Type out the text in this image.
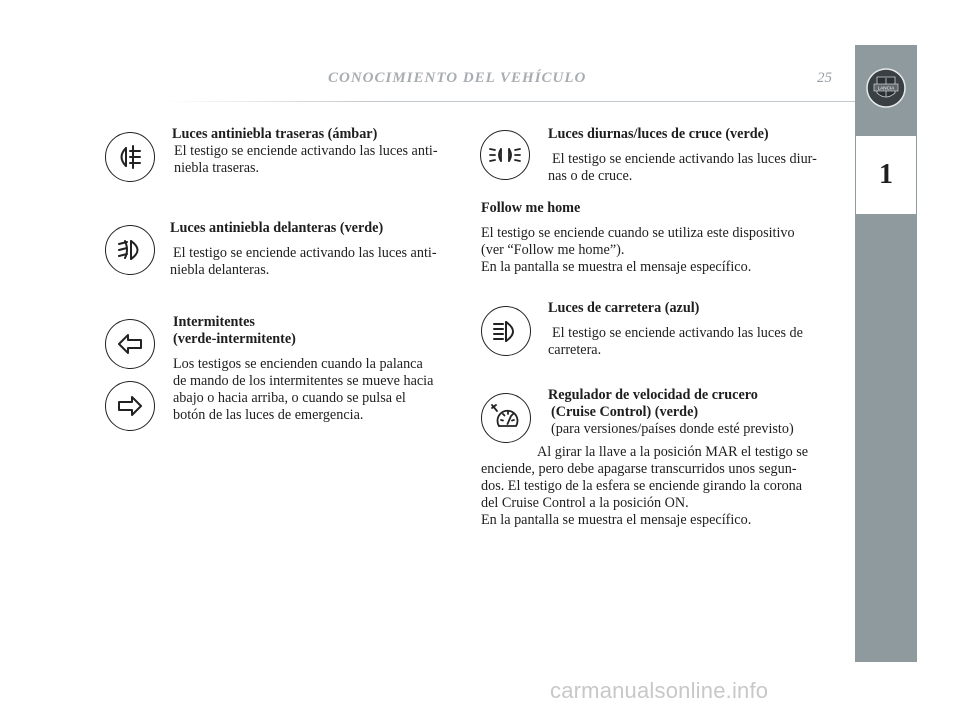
CONOCIMIENTO DEL VEHÍCULO	25
LANCIA
1

Luces antiniebla traseras (ámbar)

El testigo se enciende activando las luces anti-

niebla traseras.

Luces antiniebla delanteras (verde)

El testigo se enciende activando las luces anti-

niebla delanteras.

Intermitentes

(verde-intermitente)

Los testigos se encienden cuando la palanca

de mando de los intermitentes se mueve hacia

abajo o hacia arriba, o cuando se pulsa el

botón de las luces de emergencia.

Luces diurnas/luces de cruce (verde)

El testigo se enciende activando las luces diur-

nas o de cruce.

Follow me home

El testigo se enciende cuando se utiliza este dispositivo

(ver “Follow me home”).

En la pantalla se muestra el mensaje específico.

Luces de carretera (azul)

El testigo se enciende activando las luces de

carretera.

Regulador de velocidad de crucero

(Cruise Control) (verde)

(para versiones/países donde esté previsto)

Al girar la llave a la posición MAR el testigo se

enciende, pero debe apagarse transcurridos unos segun-

dos. El testigo de la esfera se enciende girando la corona

del Cruise Control a la posición ON.

En la pantalla se muestra el mensaje específico.

carmanualsonline.info
